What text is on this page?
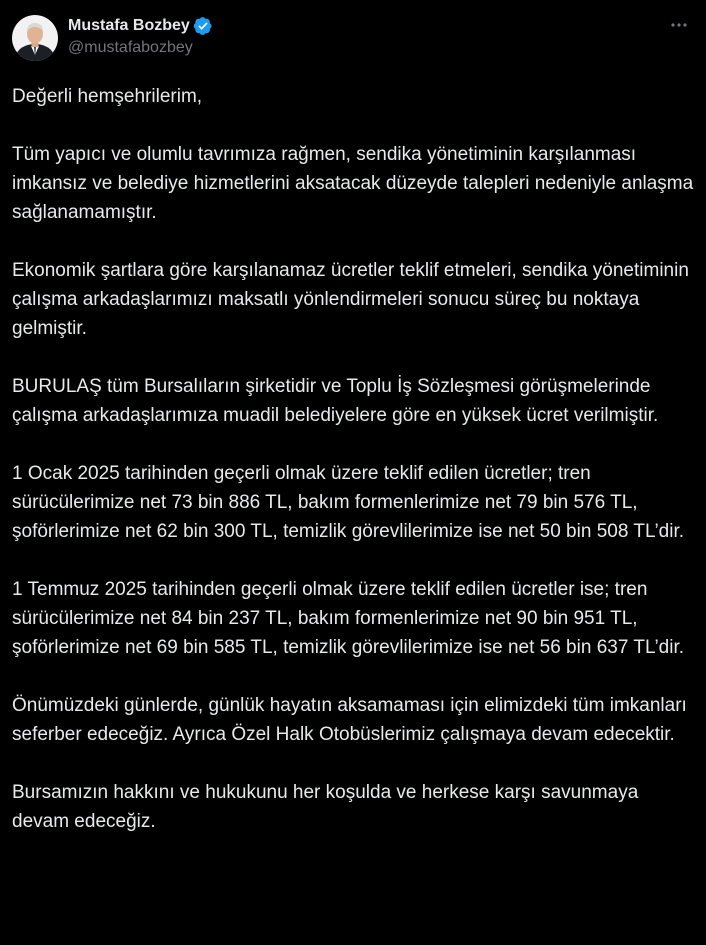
Mustafa Bozbey
@mustafabozbey

Değerli hemşehrilerim,

Tüm yapıcı ve olumlu tavrımıza rağmen, sendika yönetiminin karşılanması imkansız ve belediye hizmetlerini aksatacak düzeyde talepleri nedeniyle anlaşma sağlanamamıştır.

Ekonomik şartlara göre karşılanamaz ücretler teklif etmeleri, sendika yönetiminin çalışma arkadaşlarımızı maksatlı yönlendirmeleri sonucu süreç bu noktaya gelmiştir.

BURULAŞ tüm Bursalıların şirketidir ve Toplu İş Sözleşmesi görüşmelerinde çalışma arkadaşlarımıza muadil belediyelere göre en yüksek ücret verilmiştir.

1 Ocak 2025 tarihinden geçerli olmak üzere teklif edilen ücretler; tren sürücülerimize net 73 bin 886 TL, bakım formenlerimize net 79 bin 576 TL, şoförlerimize net 62 bin 300 TL, temizlik görevlilerimize ise net 50 bin 508 TL’dir.

1 Temmuz 2025 tarihinden geçerli olmak üzere teklif edilen ücretler ise; tren sürücülerimize net 84 bin 237 TL, bakım formenlerimize net 90 bin 951 TL, şoförlerimize net 69 bin 585 TL, temizlik görevlilerimize ise net 56 bin 637 TL’dir.

Önümüzdeki günlerde, günlük hayatın aksamaması için elimizdeki tüm imkanları seferber edeceğiz. Ayrıca Özel Halk Otobüslerimiz çalışmaya devam edecektir.

Bursamızın hakkını ve hukukunu her koşulda ve herkese karşı savunmaya devam edeceğiz.
